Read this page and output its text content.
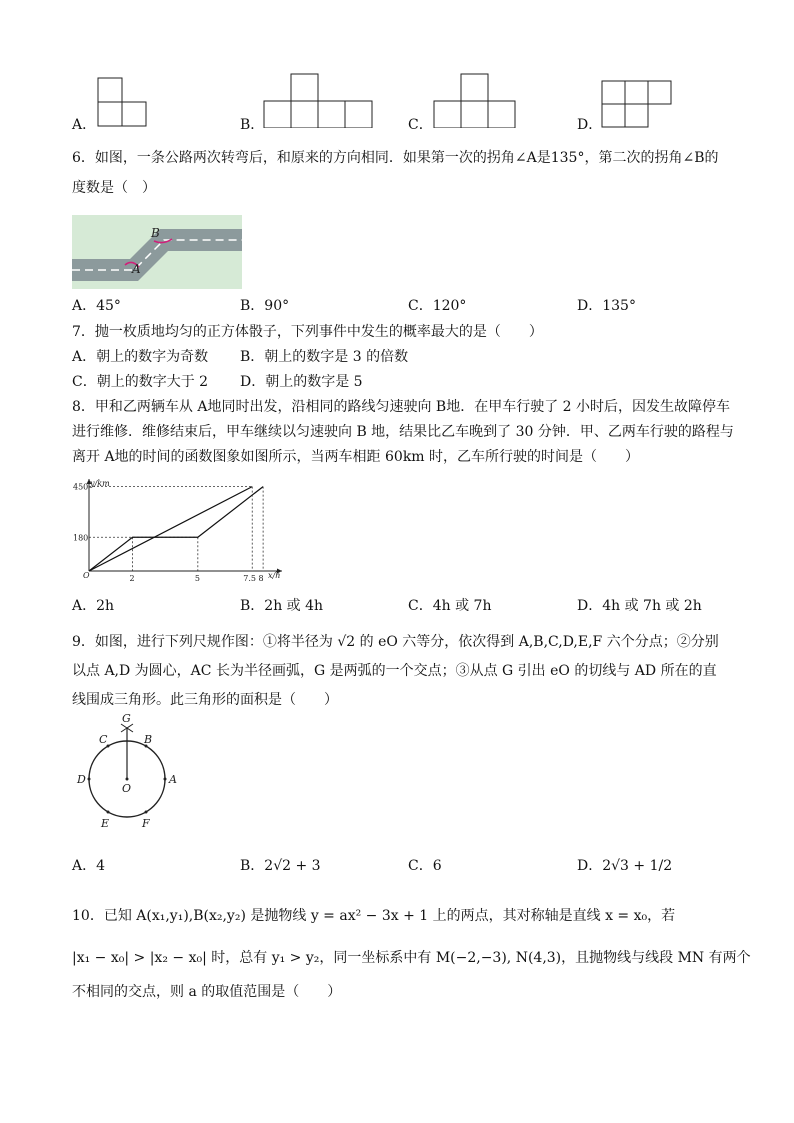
A．	B．	C．	D．
6．如图，一条公路两次转弯后，和原来的方向相同．如果第一次的拐角∠A是135°，第二次的拐角∠B的
度数是（　）
A
B
A．45°	B．90°	C．120°	D．135°
7．抛一枚质地均匀的正方体骰子，下列事件中发生的概率最大的是（　　）
A．朝上的数字为奇数 B．朝上的数字是 3 的倍数
C．朝上的数字大于 2 D．朝上的数字是 5
8．甲和乙两辆车从 A地同时出发，沿相同的路线匀速驶向 B地．在甲车行驶了 2 小时后，因发生故障停车
进行维修．维修结束后，甲车继续以匀速驶向 B 地，结果比乙车晚到了 30 分钟．甲、乙两车行驶的路程与
离开 A地的时间的函数图象如图所示，当两车相距 60km 时，乙车所行驶的时间是（　　）
y/km
x/h
O
450
180
2	5	7.5 8
A．2h	B．2h 或 4h	C．4h 或 7h	D．4h 或 7h 或 2h
9．如图，进行下列尺规作图：①将半径为 √2 的 eO 六等分，依次得到 A,B,C,D,E,F 六个分点；②分别
以点 A,D 为圆心，AC 长为半径画弧，G 是两弧的一个交点；③从点 G 引出 eO 的切线与 AD 所在的直
线围成三角形。此三角形的面积是（　　）
G
C	B
D	A
O
E	F
A．4	B．2√2 + 3	C．6	D．2√3 + 1/2
10．已知 A(x₁,y₁),B(x₂,y₂) 是抛物线 y = ax² − 3x + 1 上的两点，其对称轴是直线 x = x₀，若
|x₁ − x₀| > |x₂ − x₀| 时，总有 y₁ > y₂，同一坐标系中有 M(−2,−3), N(4,3)，且抛物线与线段 MN 有两个
不相同的交点，则 a 的取值范围是（　　）
